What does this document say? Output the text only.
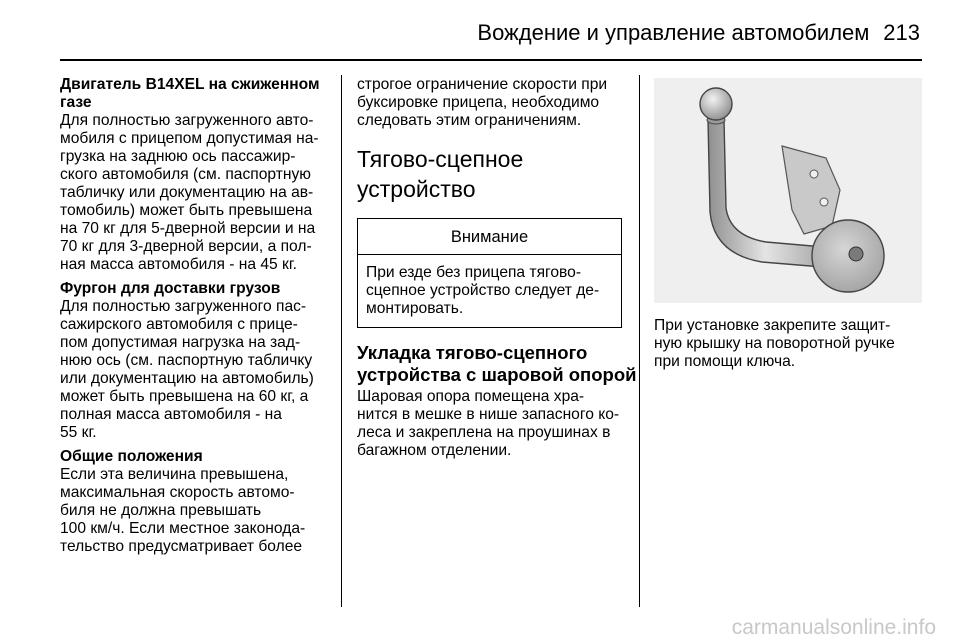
Вождение и управление автомобилем 213
Двигатель B14XEL на сжиженном
газе
Для полностью загруженного авто-
мобиля с прицепом допустимая на-
грузка на заднюю ось пассажир-
ского автомобиля (см. паспортную
табличку или документацию на ав-
томобиль) может быть превышена
на 70 кг для 5-дверной версии и на
70 кг для 3-дверной версии, а пол-
ная масса автомобиля - на 45 кг.
Фургон для доставки грузов
Для полностью загруженного пас-
сажирского автомобиля с прице-
пом допустимая нагрузка на зад-
нюю ось (см. паспортную табличку
или документацию на автомобиль)
может быть превышена на 60 кг, а
полная масса автомобиля - на
55 кг.
Общие положения
Если эта величина превышена,
максимальная скорость автомо-
биля не должна превышать
100 км/ч. Если местное законода-
тельство предусматривает более
строгое ограничение скорости при
буксировке прицепа, необходимо
следовать этим ограничениям.
Тягово-сцепное
устройство
Внимание
При езде без прицепа тягово-
сцепное устройство следует де-
монтировать.
Укладка тягово-сцепного
устройства с шаровой опорой
Шаровая опора помещена хра-
нится в мешке в нише запасного ко-
леса и закреплена на проушинах в
багажном отделении.
При установке закрепите защит-
ную крышку на поворотной ручке
при помощи ключа.
carmanualsonline.info
